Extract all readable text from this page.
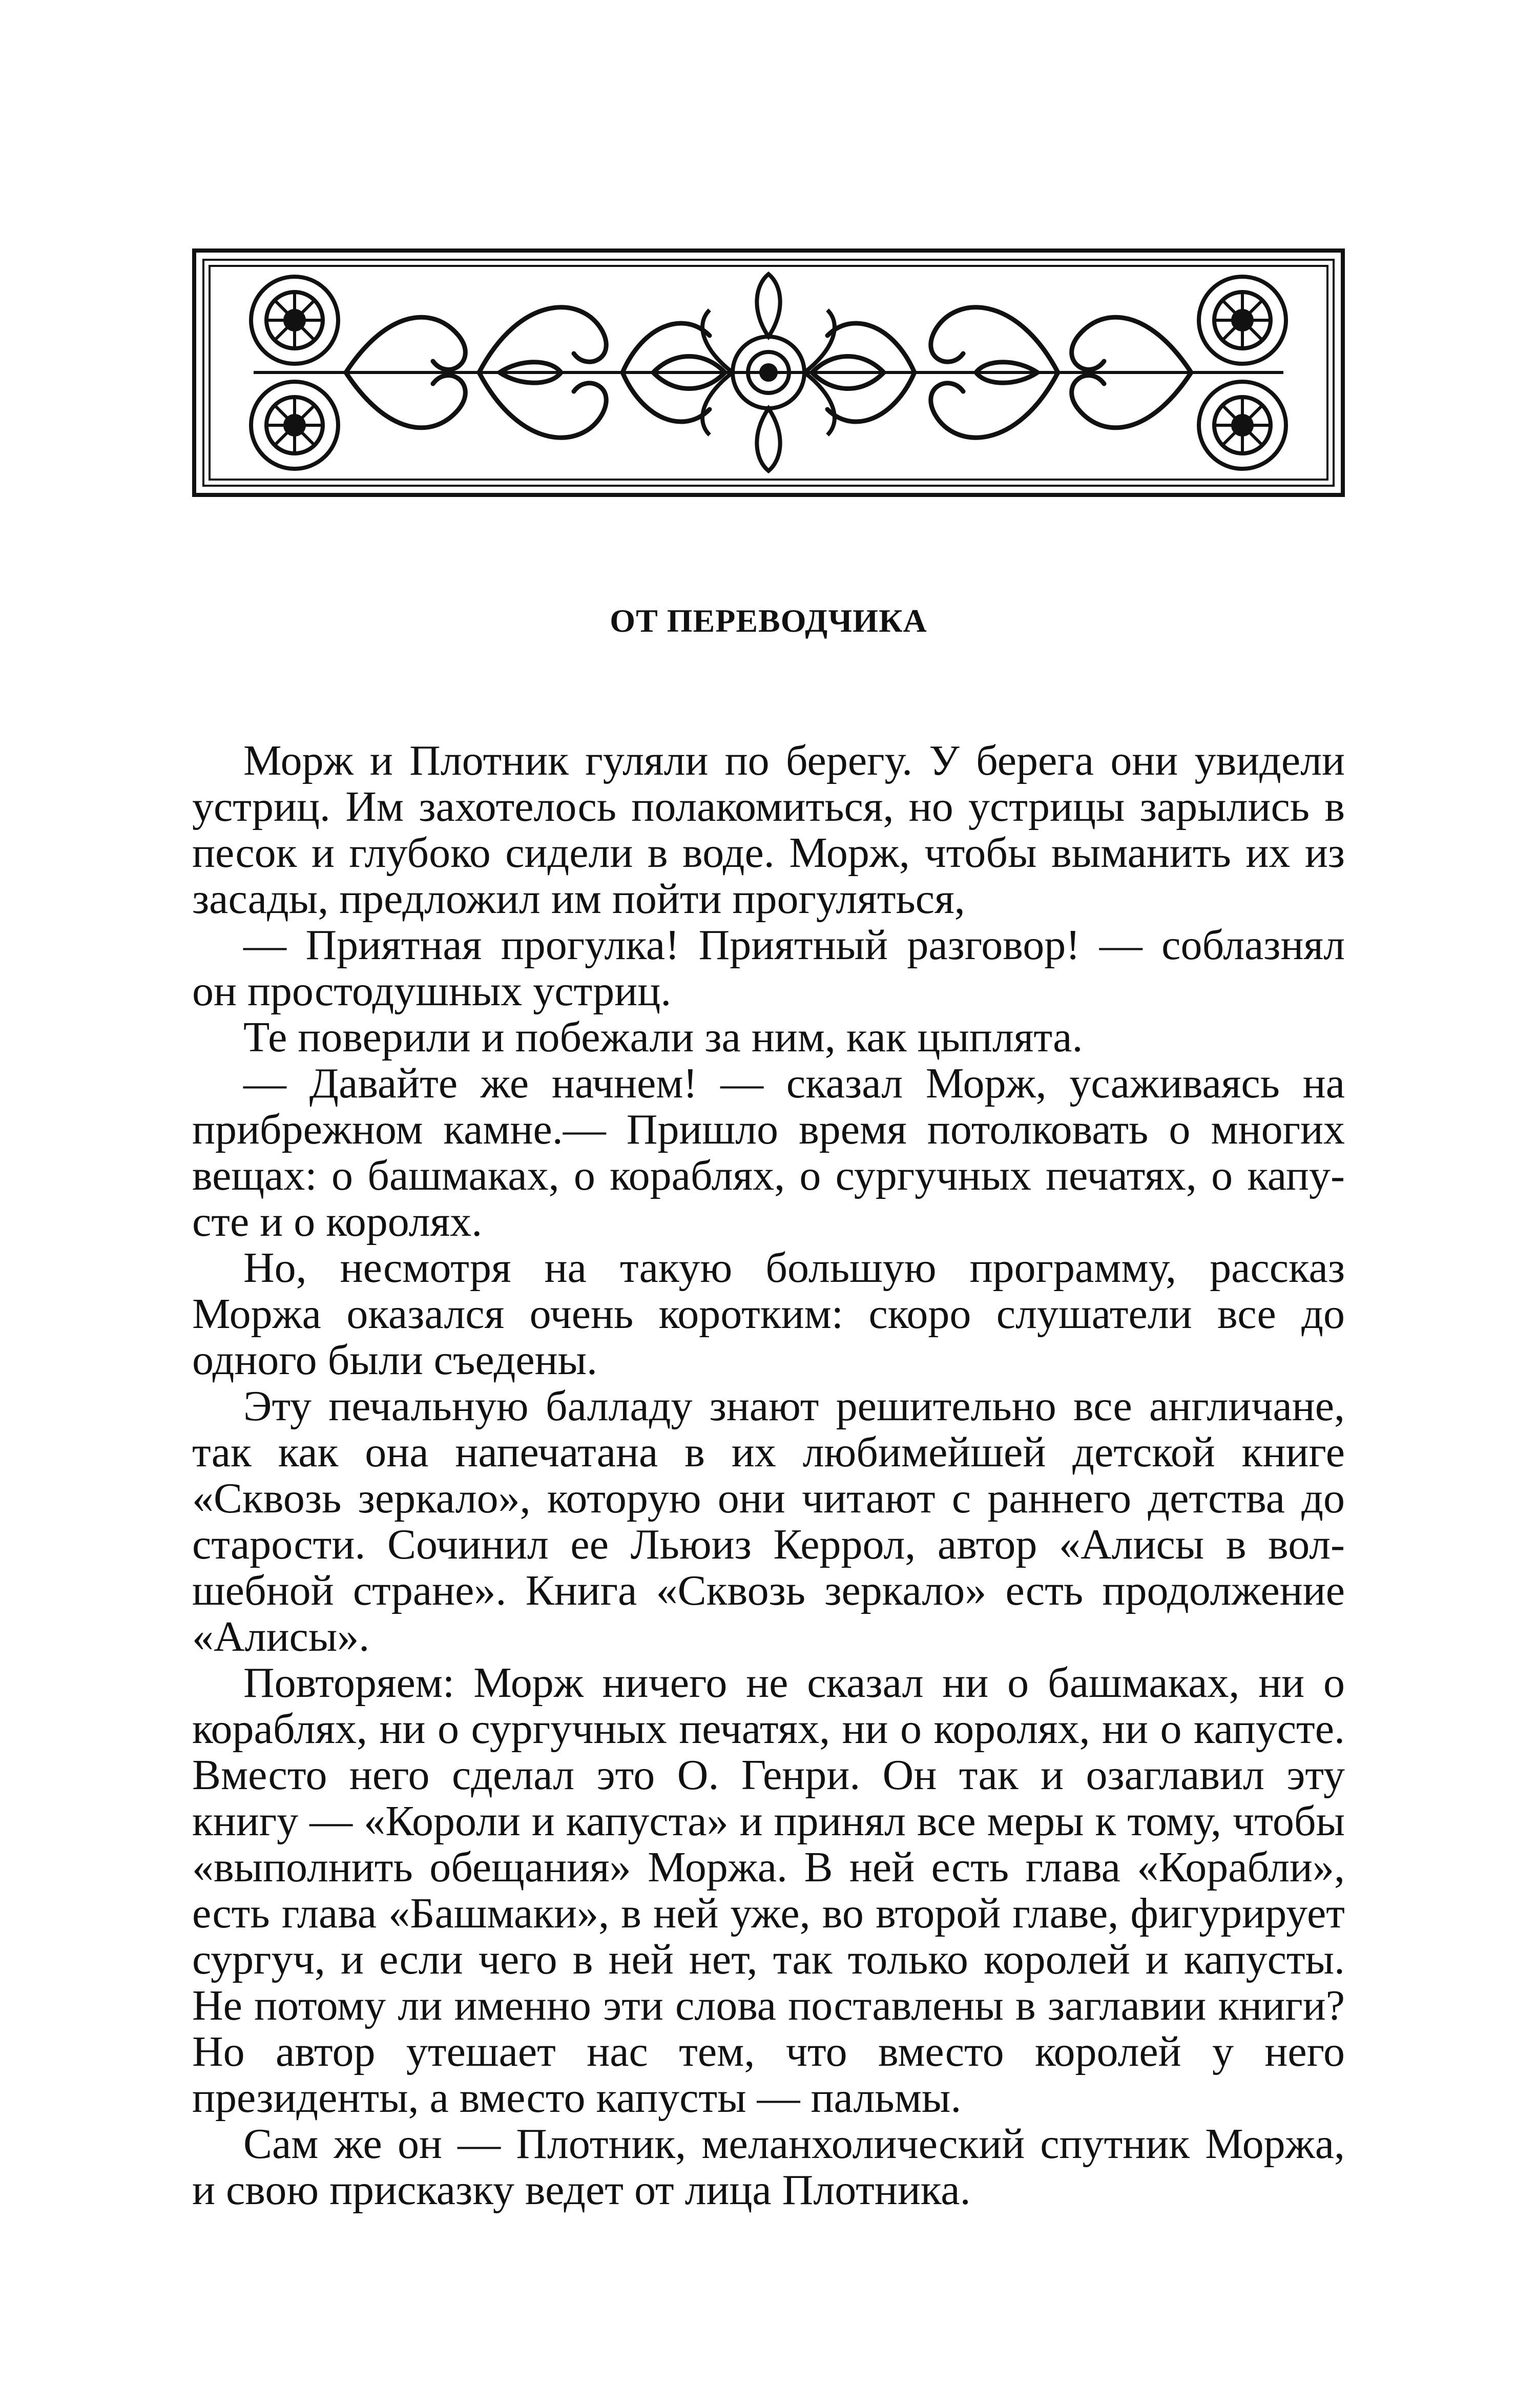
ОТ ПЕРЕВОДЧИКА

Морж и Плотник гуляли по берегу. У берега они увидели устриц. Им захотелось полакомиться, но устрицы зарылись в песок и глубоко сидели в воде. Морж, чтобы выманить их из засады, предложил им пойти прогуляться,

— Приятная прогулка! Приятный разговор! — соблазнял он простодушных устриц.

Те поверили и побежали за ним, как цыплята.

— Давайте же начнем! — сказал Морж, усаживаясь на прибрежном камне.— Пришло время потолковать о многих вещах: о башмаках, о кораблях, о сургучных печатях, о капусте и о королях.

Но, несмотря на такую большую программу, рассказ Моржа оказался очень коротким: скоро слушатели все до одного были съедены.

Эту печальную балладу знают решительно все англичане, так как она напечатана в их любимейшей детской книге «Сквозь зеркало», которую они читают с раннего детства до старости. Сочинил ее Льюиз Керрол, автор «Алисы в волшебной стране». Книга «Сквозь зеркало» есть продолжение «Алисы».

Повторяем: Морж ничего не сказал ни о башмаках, ни о кораблях, ни о сургучных печатях, ни о королях, ни о капусте. Вместо него сделал это О. Генри. Он так и озаглавил эту книгу — «Короли и капуста» и принял все меры к тому, чтобы «выполнить обещания» Моржа. В ней есть глава «Корабли», есть глава «Башмаки», в ней уже, во второй главе, фигурирует сургуч, и если чего в ней нет, так только королей и капусты. Не потому ли именно эти слова поставлены в заглавии книги? Но автор утешает нас тем, что вместо королей у него президенты, а вместо капусты — пальмы.

Сам же он — Плотник, меланхолический спутник Моржа, и свою присказку ведет от лица Плотника.
